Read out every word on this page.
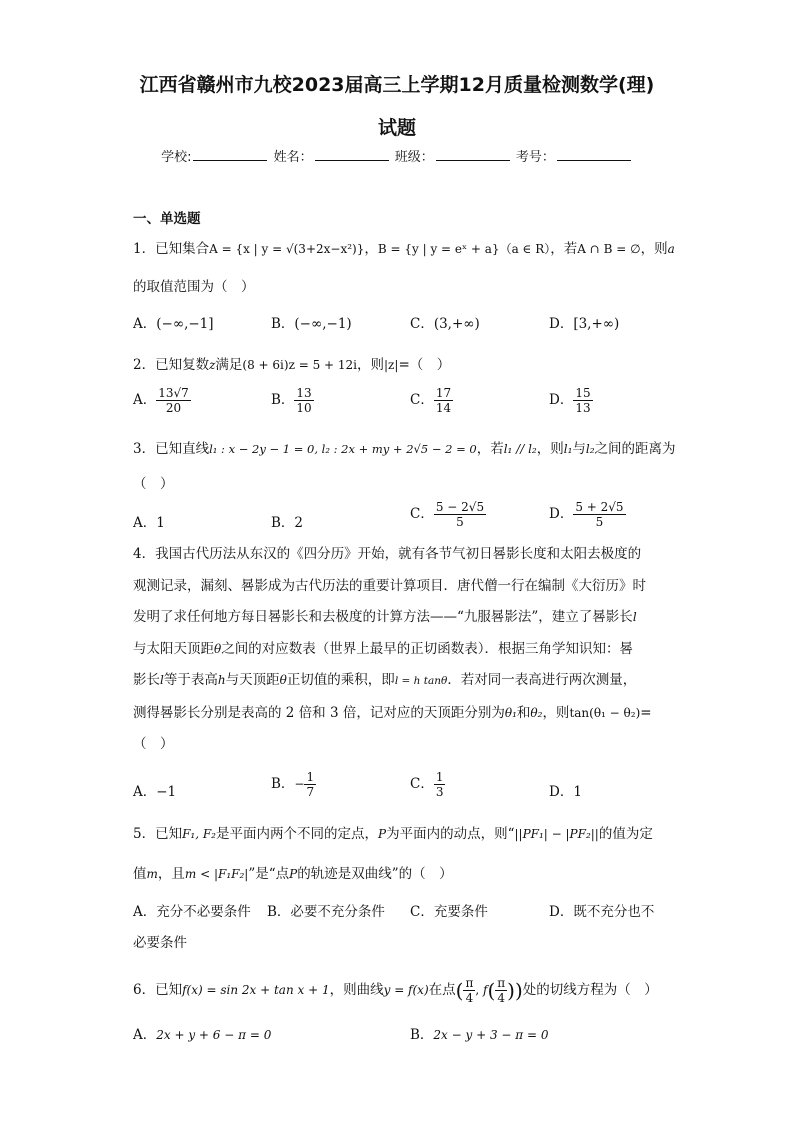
江西省赣州市九校2023届高三上学期12月质量检测数学(理)
试题
学校:	姓名：	班级：	考号：
一、单选题
1．已知集合A = {x | y = √(3+2x−x²)}，B = {y | y = eˣ + a}（a ∈ R），若A ∩ B = ∅，则a
的取值范围为（　）
A．(−∞,−1]	B．(−∞,−1)	C．(3,+∞)	D．[3,+∞)
2．已知复数z满足(8 + 6i)z = 5 + 12i，则|z|=（　）
A． $\frac{13√7}{20}$	B． $\frac{13}{10}$	C． $\frac{17}{14}$	D． $\frac{15}{13}$
3．已知直线l₁ : x − 2y − 1 = 0, l₂ : 2x + my + 2√5 − 2 = 0，若l₁ // l₂，则l₁与l₂之间的距离为
（　）
A．1	B．2
C． $\frac{5 - 2√5}{5}$	D． $\frac{5 + 2√5}{5}$
4．我国古代历法从东汉的《四分历》开始，就有各节气初日晷影长度和太阳去极度的
观测记录，漏刻、晷影成为古代历法的重要计算项目．唐代僧一行在编制《大衍历》时
发明了求任何地方每日晷影长和去极度的计算方法——“九服晷影法”，建立了晷影长l
与太阳天顶距θ之间的对应数表（世界上最早的正切函数表）．根据三角学知识知：晷
影长l等于表高h与天顶距θ正切值的乘积，即l = h tanθ．若对同一表高进行两次测量，
测得晷影长分别是表高的 2 倍和 3 倍，记对应的天顶距分别为θ₁和θ₂，则tan(θ₁ − θ₂)=
（　）
A．−1	B．− $\frac{1}{7}$	C． $\frac{1}{3}$	D．1
5．已知F₁, F₂是平面内两个不同的定点，P为平面内的动点，则“||PF₁| − |PF₂||的值为定
值m，且m < |F₁F₂|”是“点P的轨迹是双曲线”的（　）
A．充分不必要条件 B．必要不充分条件 C．充要条件	D．既不充分也不
必要条件
6．已知f(x) = sin 2x + tan x + 1，则曲线y = f(x)在点( $\frac{\pi}{4}$ , $f( \frac{\pi}{4}$ ))处的切线方程为（　）
A．2x + y + 6 − π = 0	B．2x − y + 3 − π = 0
